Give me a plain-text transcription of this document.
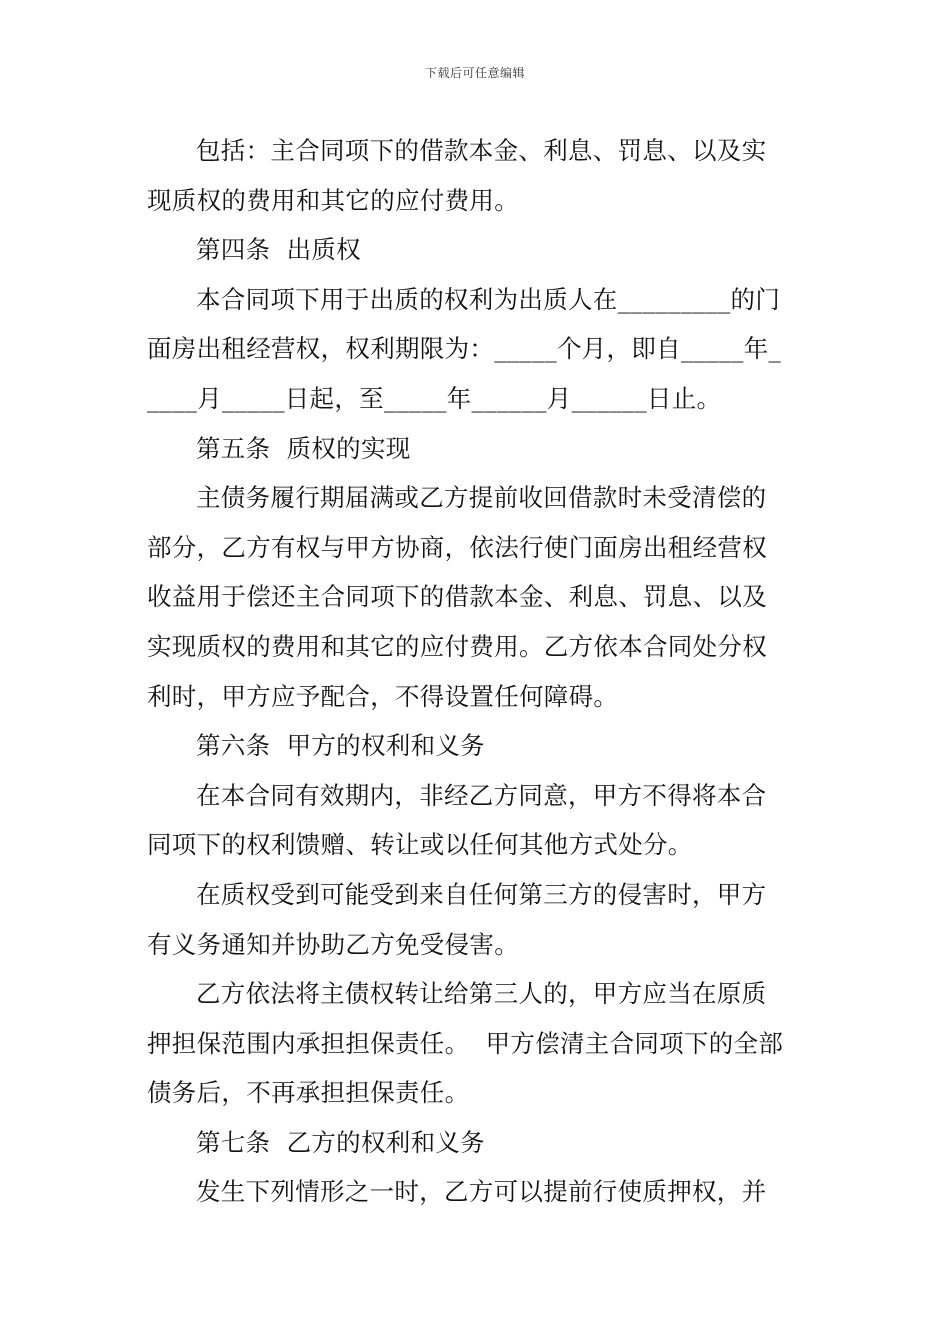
下载后可任意编辑
包括：主合同项下的借款本金、利息、罚息、以及实
现质权的费用和其它的应付费用。
第四条  出质权
本合同项下用于出质的权利为出质人在_________的门
面房出租经营权，权利期限为：_____个月，即自_____年_
____月_____日起，至_____年______月______日止。
第五条  质权的实现
主债务履行期届满或乙方提前收回借款时未受清偿的
部分，乙方有权与甲方协商，依法行使门面房出租经营权
收益用于偿还主合同项下的借款本金、利息、罚息、以及
实现质权的费用和其它的应付费用。乙方依本合同处分权
利时，甲方应予配合，不得设置任何障碍。
第六条  甲方的权利和义务
在本合同有效期内，非经乙方同意，甲方不得将本合
同项下的权利馈赠、转让或以任何其他方式处分。
在质权受到可能受到来自任何第三方的侵害时，甲方
有义务通知并协助乙方免受侵害。
乙方依法将主债权转让给第三人的，甲方应当在原质
押担保范围内承担担保责任。  甲方偿清主合同项下的全部
债务后，不再承担担保责任。
第七条  乙方的权利和义务
发生下列情形之一时，乙方可以提前行使质押权，并
